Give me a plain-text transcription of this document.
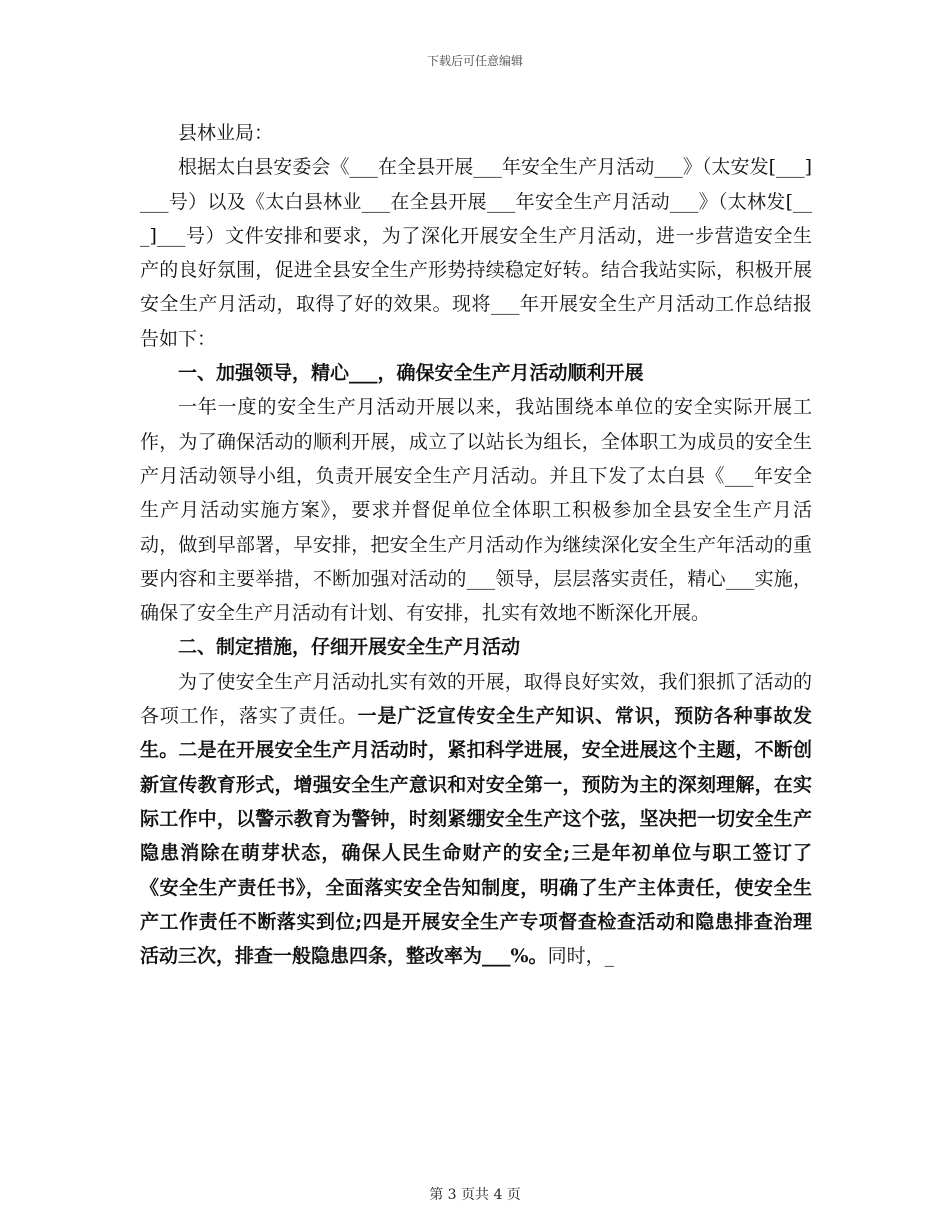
下载后可任意编辑

县林业局：

根据太白县安委会《___在全县开展___年安全生产月活动___》（太安发[___]___号）以及《太白县林业___在全县开展___年安全生产月活动___》（太林发[___]___号）文件安排和要求，为了深化开展安全生产月活动，进一步营造安全生产的良好氛围，促进全县安全生产形势持续稳定好转。结合我站实际，积极开展安全生产月活动，取得了好的效果。现将___年开展安全生产月活动工作总结报告如下：

一、加强领导，精心___，确保安全生产月活动顺利开展

一年一度的安全生产月活动开展以来，我站围绕本单位的安全实际开展工作，为了确保活动的顺利开展，成立了以站长为组长，全体职工为成员的安全生产月活动领导小组，负责开展安全生产月活动。并且下发了太白县《___年安全生产月活动实施方案》，要求并督促单位全体职工积极参加全县安全生产月活动，做到早部署，早安排，把安全生产月活动作为继续深化安全生产年活动的重要内容和主要举措，不断加强对活动的___领导，层层落实责任，精心___实施，确保了安全生产月活动有计划、有安排，扎实有效地不断深化开展。

二、制定措施，仔细开展安全生产月活动

为了使安全生产月活动扎实有效的开展，取得良好实效，我们狠抓了活动的各项工作，落实了责任。一是广泛宣传安全生产知识、常识，预防各种事故发生。二是在开展安全生产月活动时，紧扣科学进展，安全进展这个主题，不断创新宣传教育形式，增强安全生产意识和对安全第一，预防为主的深刻理解，在实际工作中，以警示教育为警钟，时刻紧绷安全生产这个弦，坚决把一切安全生产隐患消除在萌芽状态，确保人民生命财产的安全;三是年初单位与职工签订了《安全生产责任书》，全面落实安全告知制度，明确了生产主体责任，使安全生产工作责任不断落实到位;四是开展安全生产专项督查检查活动和隐患排查治理活动三次，排查一般隐患四条，整改率为___%。同时，_

第 3 页共 4 页
